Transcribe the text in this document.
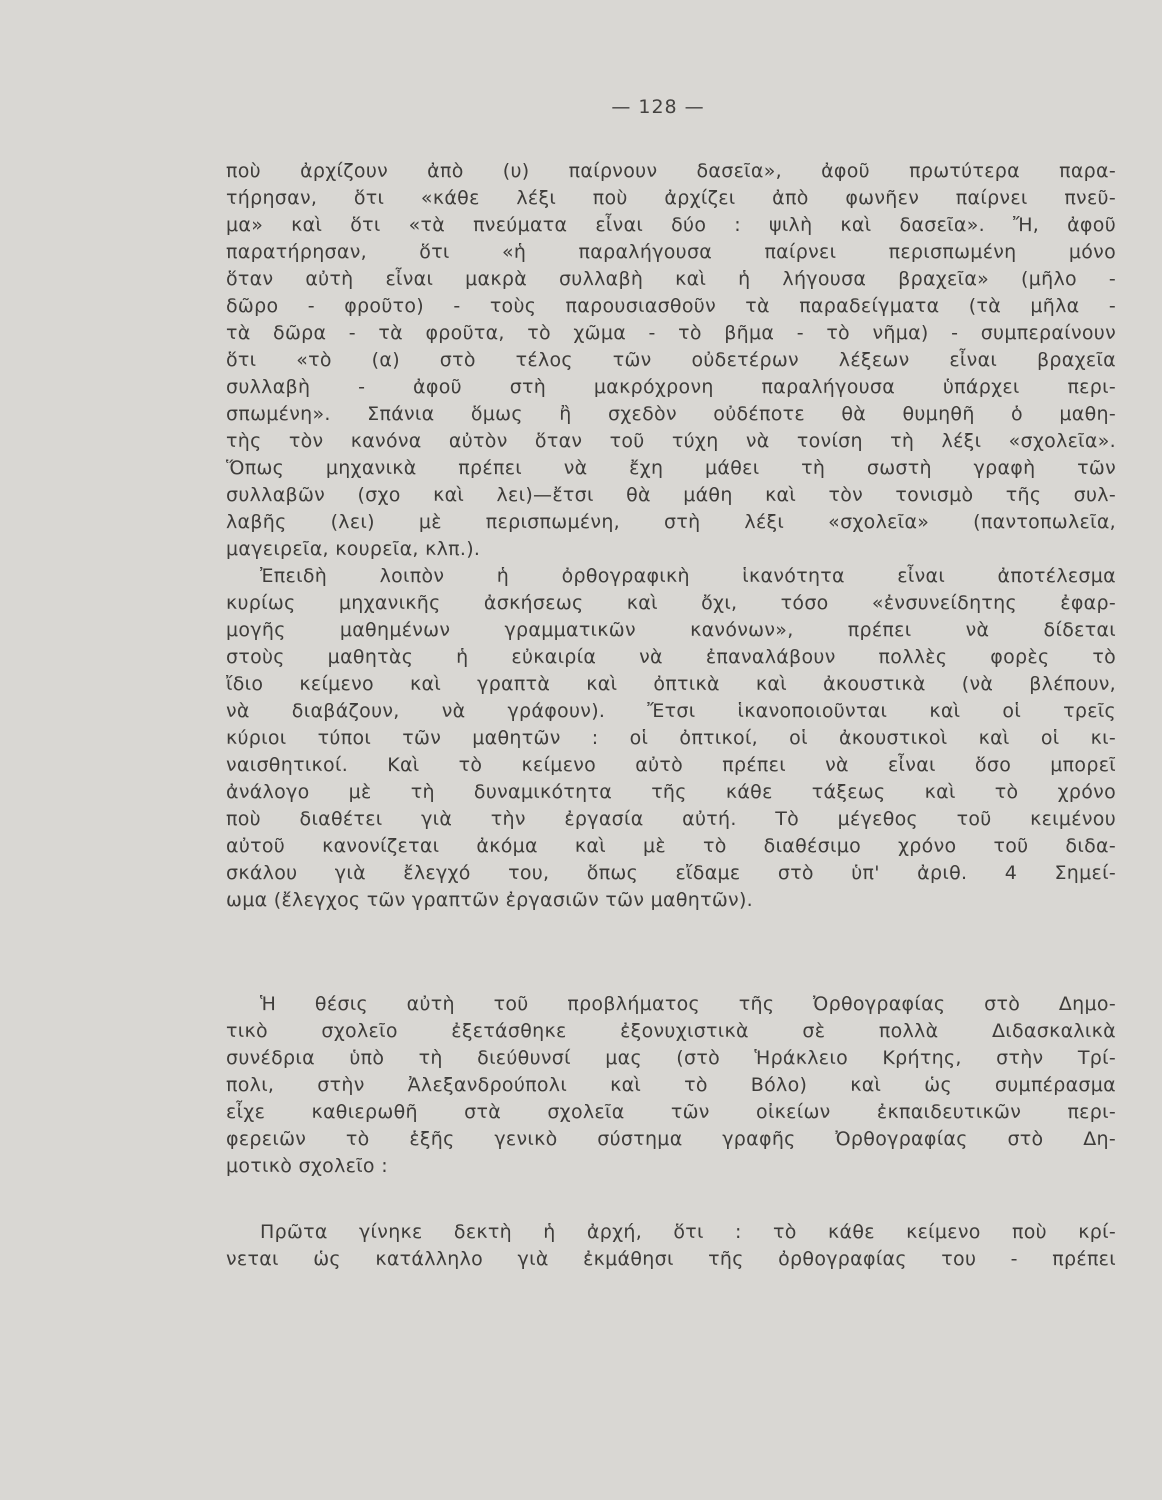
— 128 —
ποὺ ἀρχίζουν ἀπὸ (υ) παίρνουν δασεῖα», ἀφοῦ πρωτύτερα παρα-
τήρησαν, ὅτι «κάθε λέξι ποὺ ἀρχίζει ἀπὸ φωνῆεν παίρνει πνεῦ-
μα» καὶ ὅτι «τὰ πνεύματα εἶναι δύο : ψιλὴ καὶ δασεῖα». Ἤ, ἀφοῦ
παρατήρησαν, ὅτι «ἡ παραλήγουσα παίρνει περισπωμένη μόνο
ὅταν αὐτὴ εἶναι μακρὰ συλλαβὴ καὶ ἡ λήγουσα βραχεῖα» (μῆλο -
δῶρο - φροῦτο) - τοὺς παρουσιασθοῦν τὰ παραδείγματα (τὰ μῆλα -
τὰ δῶρα - τὰ φροῦτα, τὸ χῶμα - τὸ βῆμα - τὸ νῆμα) - συμπεραίνουν
ὅτι «τὸ (α) στὸ τέλος τῶν οὐδετέρων λέξεων εἶναι βραχεῖα
συλλαβὴ - ἀφοῦ στὴ μακρόχρονη παραλήγουσα ὑπάρχει περι-
σπωμένη». Σπάνια ὅμως ἢ σχεδὸν οὐδέποτε θὰ θυμηθῆ ὁ μαθη-
τὴς τὸν κανόνα αὐτὸν ὅταν τοῦ τύχη νὰ τονίση τὴ λέξι «σχολεῖα».
Ὅπως μηχανικὰ πρέπει νὰ ἔχη μάθει τὴ σωστὴ γραφὴ τῶν
συλλαβῶν (σχο καὶ λει)—ἔτσι θὰ μάθη καὶ τὸν τονισμὸ τῆς συλ-
λαβῆς (λει) μὲ περισπωμένη, στὴ λέξι «σχολεῖα» (παντοπωλεῖα,
μαγειρεῖα, κουρεῖα, κλπ.).
Ἐπειδὴ λοιπὸν ἡ ὀρθογραφικὴ ἱκανότητα εἶναι ἀποτέλεσμα
κυρίως μηχανικῆς ἀσκήσεως καὶ ὄχι, τόσο «ἐνσυνείδητης ἐφαρ-
μογῆς μαθημένων γραμματικῶν κανόνων», πρέπει νὰ δίδεται
στοὺς μαθητὰς ἡ εὐκαιρία νὰ ἐπαναλάβουν πολλὲς φορὲς τὸ
ἴδιο κείμενο καὶ γραπτὰ καὶ ὀπτικὰ καὶ ἀκουστικὰ (νὰ βλέπουν,
νὰ διαβάζουν, νὰ γράφουν). Ἔτσι ἱκανοποιοῦνται καὶ οἱ τρεῖς
κύριοι τύποι τῶν μαθητῶν : οἱ ὀπτικοί, οἱ ἀκουστικοὶ καὶ οἱ κι-
ναισθητικοί. Καὶ τὸ κείμενο αὐτὸ πρέπει νὰ εἶναι ὅσο μπορεῖ
ἀνάλογο μὲ τὴ δυναμικότητα τῆς κάθε τάξεως καὶ τὸ χρόνο
ποὺ διαθέτει γιὰ τὴν ἐργασία αὐτή. Τὸ μέγεθος τοῦ κειμένου
αὐτοῦ κανονίζεται ἀκόμα καὶ μὲ τὸ διαθέσιμο χρόνο τοῦ διδα-
σκάλου γιὰ ἔλεγχό του, ὅπως εἴδαμε στὸ ὑπ' ἀριθ. 4 Σημεί-
ωμα (ἔλεγχος τῶν γραπτῶν ἐργασιῶν τῶν μαθητῶν).
Ἡ θέσις αὐτὴ τοῦ προβλήματος τῆς Ὀρθογραφίας στὸ Δημο-
τικὸ σχολεῖο ἐξετάσθηκε ἐξονυχιστικὰ σὲ πολλὰ Διδασκαλικὰ
συνέδρια ὑπὸ τὴ διεύθυνσί μας (στὸ Ἡράκλειο Κρήτης, στὴν Τρί-
πολι, στὴν Ἀλεξανδρούπολι καὶ τὸ Βόλο) καὶ ὡς συμπέρασμα
εἶχε καθιερωθῆ στὰ σχολεῖα τῶν οἰκείων ἐκπαιδευτικῶν περι-
φερειῶν τὸ ἑξῆς γενικὸ σύστημα γραφῆς Ὀρθογραφίας στὸ Δη-
μοτικὸ σχολεῖο :
Πρῶτα γίνηκε δεκτὴ ἡ ἀρχή, ὅτι : τὸ κάθε κείμενο ποὺ κρί-
νεται ὡς κατάλληλο γιὰ ἐκμάθησι τῆς ὀρθογραφίας του - πρέπει
